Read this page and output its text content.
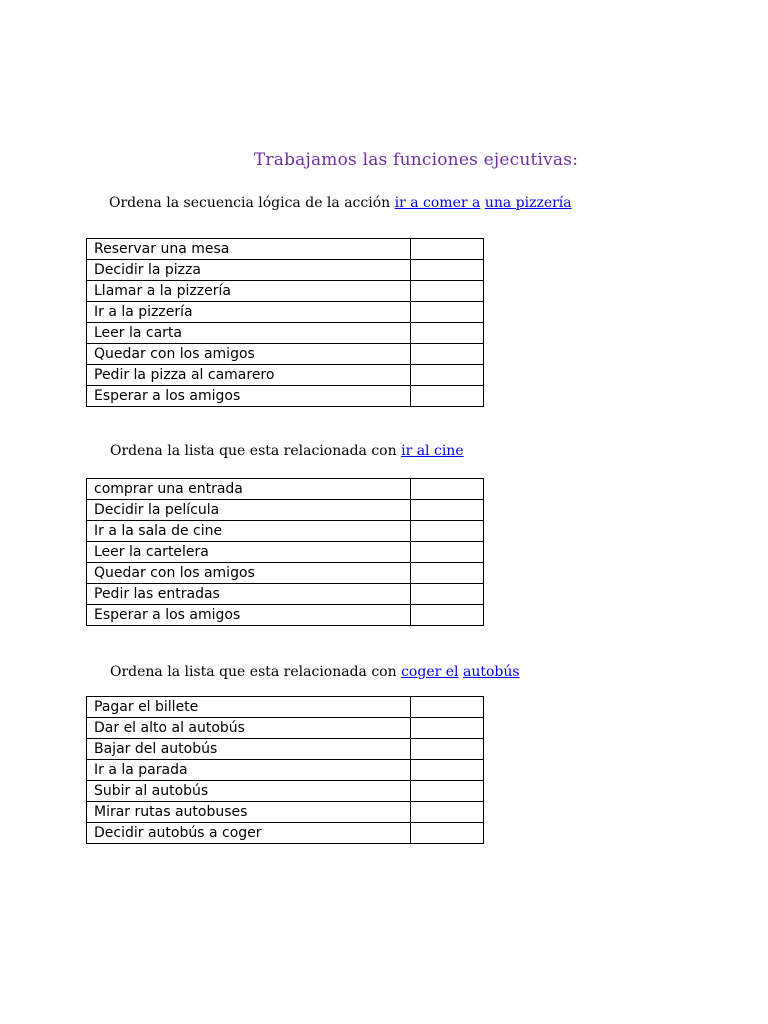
Trabajamos las funciones ejecutivas:
Ordena la secuencia lógica de la acción ir a comer a una pizzería
Reservar una mesa	
Decidir la pizza	
Llamar a la pizzería	
Ir a la pizzería	
Leer la carta	
Quedar con los amigos	
Pedir la pizza al camarero	
Esperar a los amigos	
Ordena la lista que esta relacionada con ir al cine
comprar una entrada	
Decidir la película	
Ir a la sala de cine	
Leer la cartelera	
Quedar con los amigos	
Pedir las entradas	
Esperar a los amigos	
Ordena la lista que esta relacionada con coger el autobús
Pagar el billete	
Dar el alto al autobús	
Bajar del autobús	
Ir a la parada	
Subir al autobús	
Mirar rutas autobuses	
Decidir autobús a coger	
